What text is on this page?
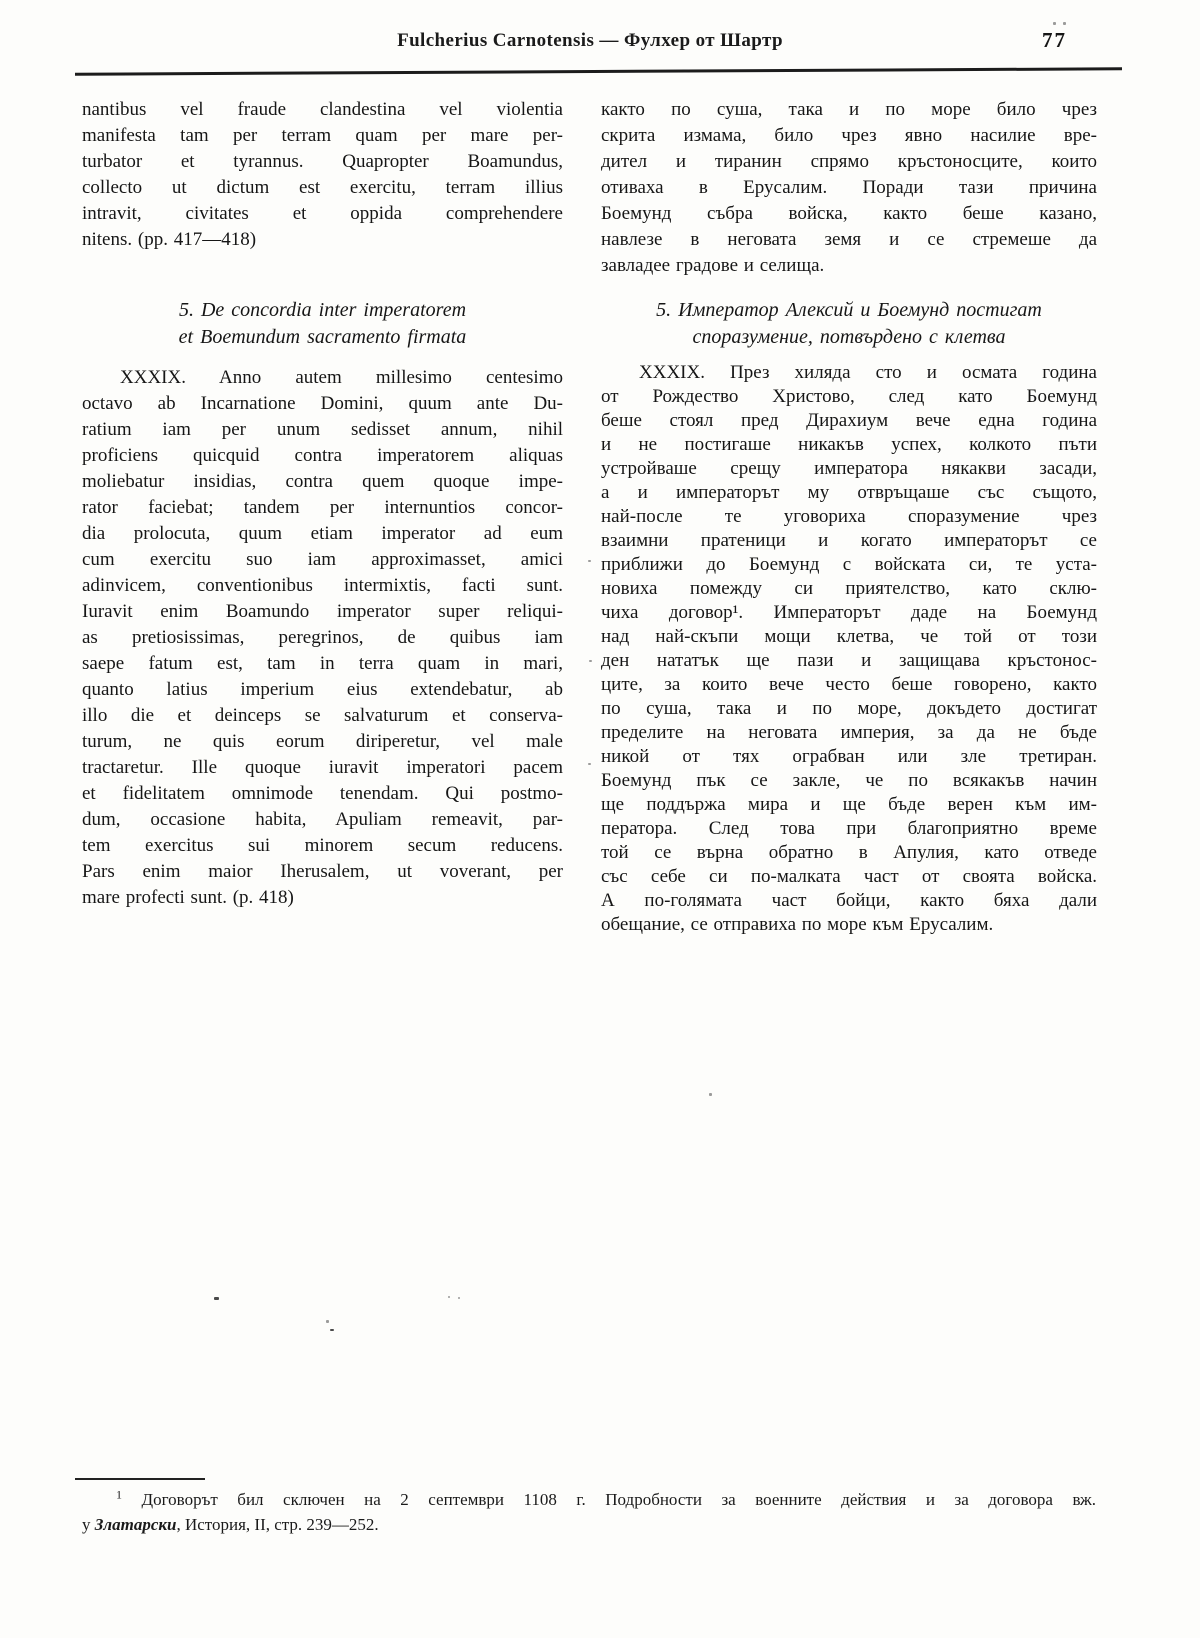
Fulcherius Carnotensis — Фулхер от Шартр	77
nantibus vel fraude clandestina vel violentia
manifesta tam per terram quam per mare per-
turbator et tyrannus. Quapropter Boamundus,
collecto ut dictum est exercitu, terram illius
intravit, civitates et oppida comprehendere
nitens. (pp. 417—418)
5. De concordia inter imperatorem
et Boemundum sacramento firmata
XXXIX. Anno autem millesimo centesimo
octavo ab Incarnatione Domini, quum ante Du-
ratium iam per unum sedisset annum, nihil
proficiens quicquid contra imperatorem aliquas
moliebatur insidias, contra quem quoque impe-
rator faciebat; tandem per internuntios concor-
dia prolocuta, quum etiam imperator ad eum
cum exercitu suo iam approximasset, amici
adinvicem, conventionibus intermixtis, facti sunt.
Iuravit enim Boamundo imperator super reliqui-
as pretiosissimas, peregrinos, de quibus iam
saepe fatum est, tam in terra quam in mari,
quanto latius imperium eius extendebatur, ab
illo die et deinceps se salvaturum et conserva-
turum, ne quis eorum diriperetur, vel male
tractaretur. Ille quoque iuravit imperatori pacem
et fidelitatem omnimode tenendam. Qui postmo-
dum, occasione habita, Apuliam remeavit, par-
tem exercitus sui minorem secum reducens.
Pars enim maior Iherusalem, ut voverant, per
mare profecti sunt. (p. 418)
както по суша, така и по море било чрез
скрита измама, било чрез явно насилие вре-
дител и тиранин спрямо кръстоносците, които
отиваха в Ерусалим. Поради тази причина
Боемунд събра войска, както беше казано,
навлезе в неговата земя и се стремеше да
завладее градове и селища.
5. Император Алексий и Боемунд постигат
споразумение, потвърдено с клетва
XXXIX. През хиляда сто и осмата година
от Рождество Христово, след като Боемунд
беше стоял пред Дирахиум вече една година
и не постигаше никакъв успех, колкото пъти
устройваше срещу императора някакви засади,
а и императорът му отвръщаше със същото,
най-после те уговориха споразумение чрез
взаимни пратеници и когато императорът се
приближи до Боемунд с войската си, те уста-
новиха помежду си приятелство, като склю-
чиха договор¹. Императорът даде на Боемунд
над най-скъпи мощи клетва, че той от този
ден нататък ще пази и защищава кръстонос-
ците, за които вече често беше говорено, както
по суша, така и по море, докъдето достигат
пределите на неговата империя, за да не бъде
никой от тях ограбван или зле третиран.
Боемунд пък се закле, че по всякакъв начин
ще поддържа мира и ще бъде верен към им-
ператора. След това при благоприятно време
той се върна обратно в Апулия, като отведе
със себе си по-малката част от своята войска.
А по-голямата част бойци, както бяха дали
обещание, се отправиха по море към Ерусалим.
$^1$ Договорът бил сключен на 2 септември 1108 г. Подробности за военните действия и за договора вж.
у Златарски, История, II, стр. 239—252.
